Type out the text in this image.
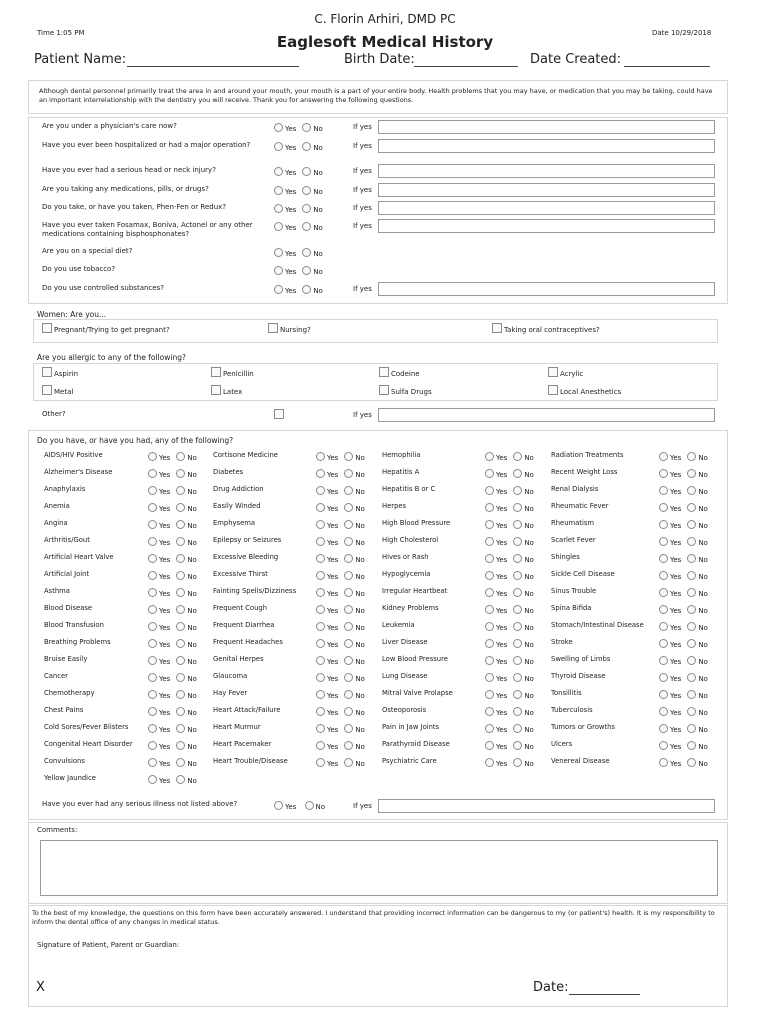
Time 1:05 PM
C. Florin Arhiri, DMD PC
Date 10/29/2018
Eaglesoft Medical History
Patient Name:	Birth Date:	Date Created:
Although dental personnel primarily treat the area in and around your mouth, your mouth is a part of your entire body. Health problems that you may have, or medication that you may be taking, could have an important interrelationship with the dentistry you will receive. Thank you for answering the following questions.
Are you under a physician's care now?	Yes No	If yes
Have you ever been hospitalized or had a major operation?	Yes No	If yes
Have you ever had a serious head or neck injury?	Yes No	If yes
Are you taking any medications, pills, or drugs?	Yes No	If yes
Do you take, or have you taken, Phen-Fen or Redux?	Yes No	If yes
Have you ever taken Fosamax, Boniva, Actonel or any other medications containing bisphosphonates?
Yes No	If yes
Are you on a special diet?	Yes No
Do you use tobacco?	Yes No
Do you use controlled substances?	Yes No	If yes
Women: Are you...
Pregnant/Trying to get pregnant?	Nursing?	Taking oral contraceptives?
Are you allergic to any of the following?
Aspirin	Penicillin	Codeine	Acrylic
Metal	Latex	Sulfa Drugs	Local Anesthetics
Other?	If yes
Do you have, or have you had, any of the following?
AIDS/HIV Positive	Yes No
Alzheimer's Disease	Yes No
Anaphylaxis	Yes No
Anemia	Yes No
Angina	Yes No
Arthritis/Gout	Yes No
Artificial Heart Valve	Yes No
Artificial Joint	Yes No
Asthma	Yes No
Blood Disease	Yes No
Blood Transfusion	Yes No
Breathing Problems	Yes No
Bruise Easily	Yes No
Cancer	Yes No
Chemotherapy	Yes No
Chest Pains	Yes No
Cold Sores/Fever Blisters	Yes No
Congenital Heart Disorder	Yes No
Convulsions	Yes No
Yellow Jaundice	Yes No
Cortisone Medicine	Yes No
Diabetes	Yes No
Drug Addiction	Yes No
Easily Winded	Yes No
Emphysema	Yes No
Epilepsy or Seizures	Yes No
Excessive Bleeding	Yes No
Excessive Thirst	Yes No
Fainting Spells/Dizziness	Yes No
Frequent Cough	Yes No
Frequent Diarrhea	Yes No
Frequent Headaches	Yes No
Genital Herpes	Yes No
Glaucoma	Yes No
Hay Fever	Yes No
Heart Attack/Failure	Yes No
Heart Murmur	Yes No
Heart Pacemaker	Yes No
Heart Trouble/Disease	Yes No
Hemophilia	Yes No
Hepatitis A	Yes No
Hepatitis B or C	Yes No
Herpes	Yes No
High Blood Pressure	Yes No
High Cholesterol	Yes No
Hives or Rash	Yes No
Hypoglycemia	Yes No
Irregular Heartbeat	Yes No
Kidney Problems	Yes No
Leukemia	Yes No
Liver Disease	Yes No
Low Blood Pressure	Yes No
Lung Disease	Yes No
Mitral Valve Prolapse	Yes No
Osteoporosis	Yes No
Pain in Jaw Joints	Yes No
Parathyroid Disease	Yes No
Psychiatric Care	Yes No
Radiation Treatments	Yes No
Recent Weight Loss	Yes No
Renal Dialysis	Yes No
Rheumatic Fever	Yes No
Rheumatism	Yes No
Scarlet Fever	Yes No
Shingles	Yes No
Sickle Cell Disease	Yes No
Sinus Trouble	Yes No
Spina Bifida	Yes No
Stomach/Intestinal Disease	Yes No
Stroke	Yes No
Swelling of Limbs	Yes No
Thyroid Disease	Yes No
Tonsillitis	Yes No
Tuberculosis	Yes No
Tumors or Growths	Yes No
Ulcers	Yes No
Venereal Disease	Yes No
Have you ever had any serious illness not listed above?	Yes	No	If yes
Comments:
To the best of my knowledge, the questions on this form have been accurately answered. I understand that providing incorrect information can be dangerous to my (or patient's) health. It is my responsibility to inform the dental office of any changes in medical status.
Signature of Patient, Parent or Guardian:
X	Date:
